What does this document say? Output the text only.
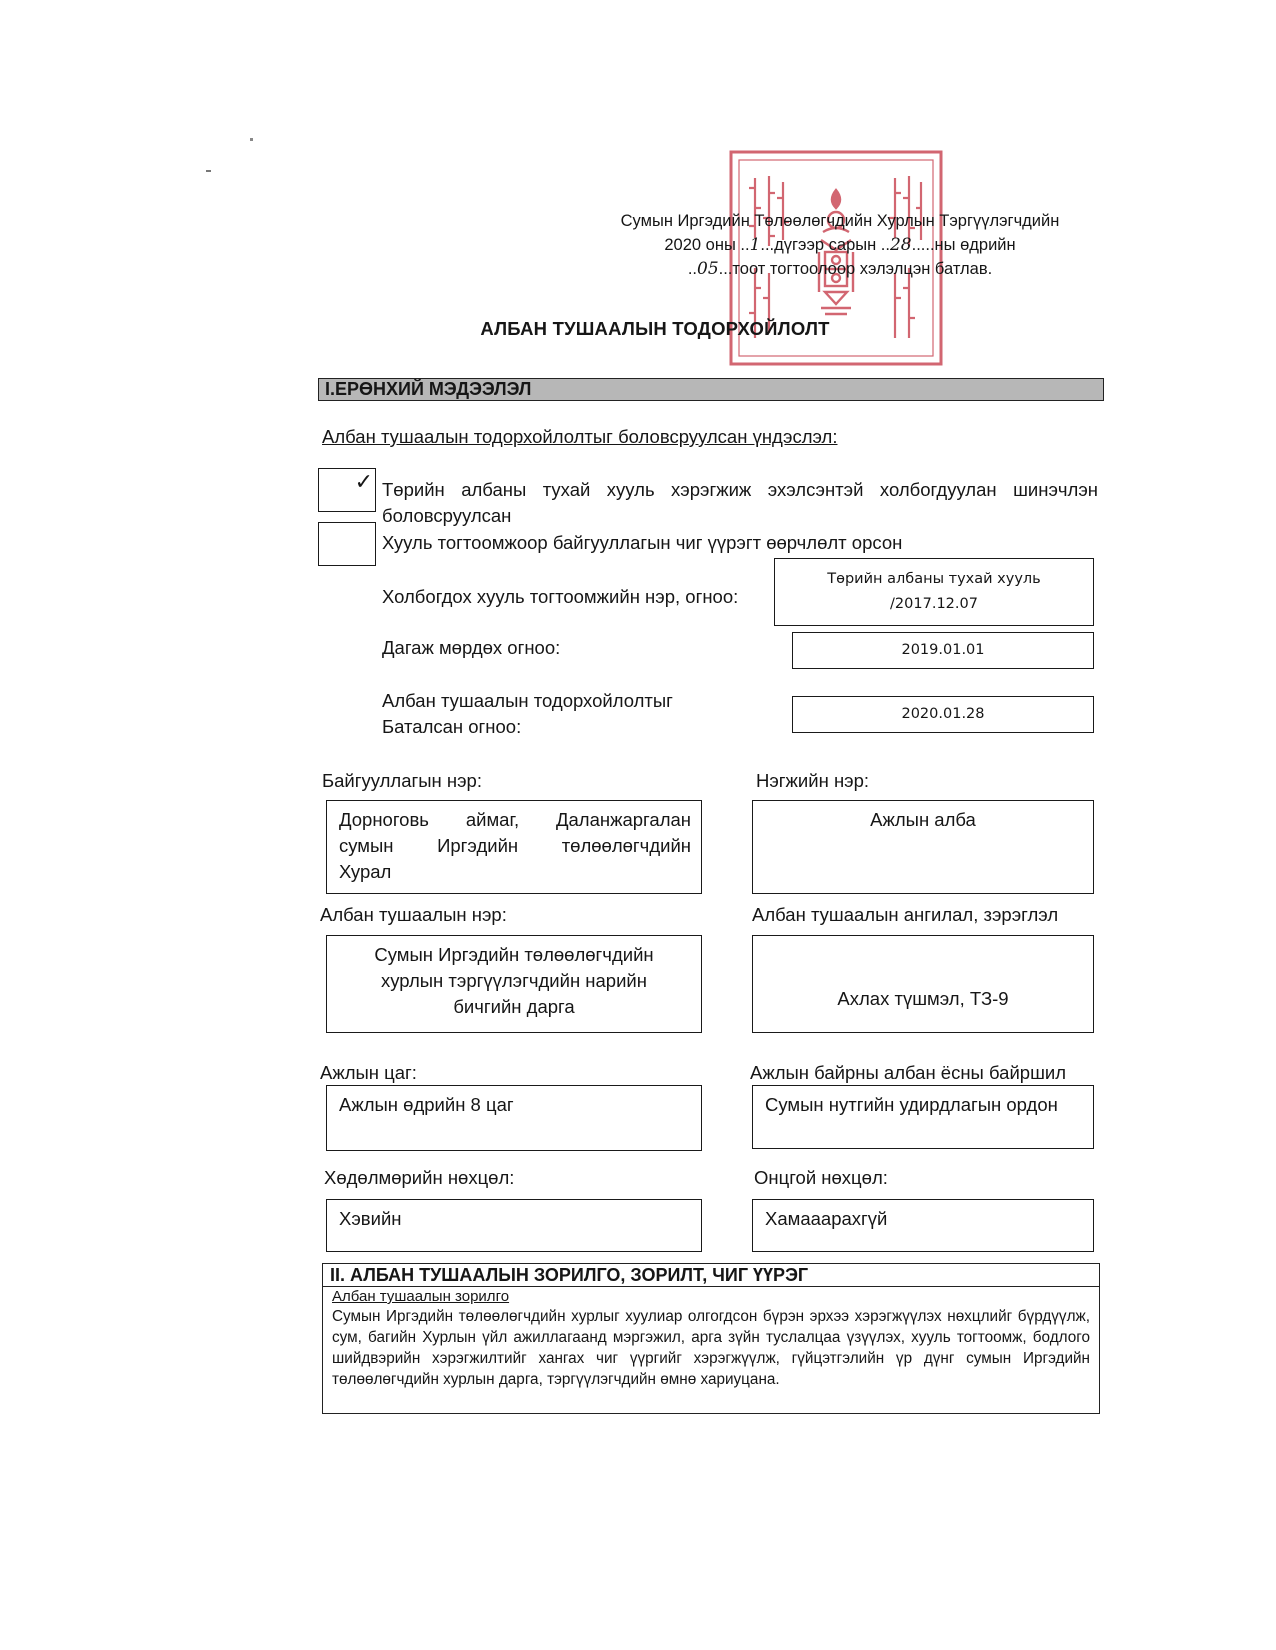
Сумын Иргэдийн Төлөөлөгчдийн Хурлын Тэргүүлэгчдийн
2020 оны ..1...дүгээр сарын ..28.....ны өдрийн
..05...тоот тогтоолоор хэлэлцэн батлав.
АЛБАН ТУШААЛЫН ТОДОРХОЙЛОЛТ
I.ЕРӨНХИЙ МЭДЭЭЛЭЛ
Албан тушаалын тодорхойлолтыг боловсруулсан үндэслэл:
✓ Төрийн албаны тухай хууль хэрэгжиж эхэлсэнтэй холбогдуулан шинэчлэн
боловсруулсан
Хууль тогтоомжоор байгууллагын чиг үүрэгт өөрчлөлт орсон
Холбогдох хууль тогтоомжийн нэр, огноо:
Төрийн албаны тухай хууль
/2017.12.07
Дагаж мөрдөх огноо:	2019.01.01
Албан тушаалын тодорхойлолтыг
Баталсан огноо:
2020.01.28
Байгууллагын нэр:	Нэгжийн нэр:
Дорноговь аймаг, Даланжаргалан
сумын Иргэдийн төлөөлөгчдийн
Хурал
Ажлын алба
Албан тушаалын нэр:	Албан тушаалын ангилал, зэрэглэл
Сумын Иргэдийн төлөөлөгчдийн
хурлын тэргүүлэгчдийн нарийн
бичгийн дарга	Ахлах түшмэл, ТЗ-9
Ажлын цаг:	Ажлын байрны албан ёсны байршил
Ажлын өдрийн 8 цаг	Сумын нутгийн удирдлагын ордон
Хөдөлмөрийн нөхцөл:	Онцгой нөхцөл:
Хэвийн	Хамааарахгүй
II. АЛБАН ТУШААЛЫН ЗОРИЛГО, ЗОРИЛТ, ЧИГ ҮҮРЭГ
Албан тушаалын зорилго
Сумын Иргэдийн төлөөлөгчдийн хурлыг хуулиар олгогдсон бүрэн эрхээ хэрэгжүүлэх нөхцлийг бүрдүүлж, сум, багийн Хурлын үйл ажиллагаанд мэргэжил, арга зүйн туслалцаа үзүүлэх, хууль тогтоомж, бодлого шийдвэрийн хэрэгжилтийг хангах чиг үүргийг хэрэгжүүлж, гүйцэтгэлийн үр дүнг сумын Иргэдийн төлөөлөгчдийн хурлын дарга, тэргүүлэгчдийн өмнө хариуцана.
